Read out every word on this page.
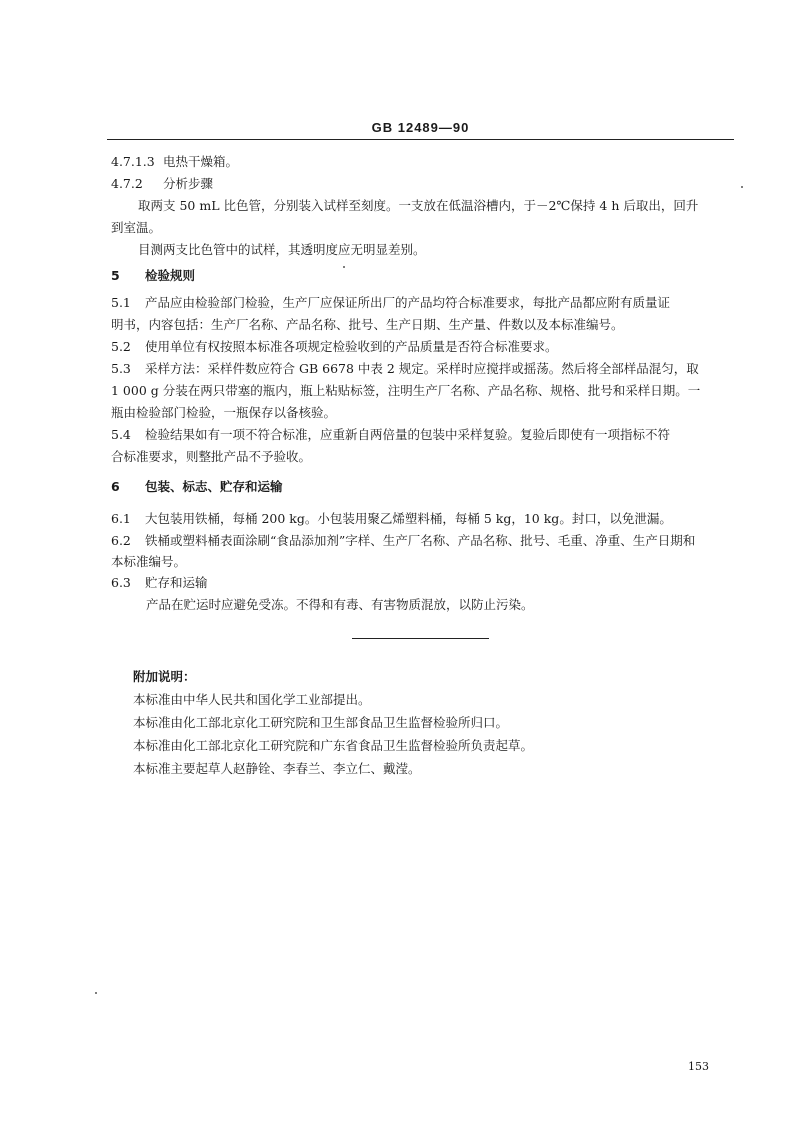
GB 12489—90
4.7.1.3 电热干燥箱。
4.7.2 分析步骤
取两支 50 mL 比色管，分别装入试样至刻度。一支放在低温浴槽内，于－2℃保持 4 h 后取出，回升
到室温。
目测两支比色管中的试样，其透明度应无明显差别。
5 检验规则
5.1 产品应由检验部门检验，生产厂应保证所出厂的产品均符合标准要求，每批产品都应附有质量证
明书，内容包括：生产厂名称、产品名称、批号、生产日期、生产量、件数以及本标准编号。
5.2 使用单位有权按照本标准各项规定检验收到的产品质量是否符合标准要求。
5.3 采样方法：采样件数应符合 GB 6678 中表 2 规定。采样时应搅拌或摇荡。然后将全部样品混匀，取
1 000 g 分装在两只带塞的瓶内，瓶上粘贴标签，注明生产厂名称、产品名称、规格、批号和采样日期。一
瓶由检验部门检验，一瓶保存以备核验。
5.4 检验结果如有一项不符合标准，应重新自两倍量的包装中采样复验。复验后即使有一项指标不符
合标准要求，则整批产品不予验收。
6 包装、标志、贮存和运输
6.1 大包装用铁桶，每桶 200 kg。小包装用聚乙烯塑料桶，每桶 5 kg，10 kg。封口，以免泄漏。
6.2 铁桶或塑料桶表面涂刷“食品添加剂”字样、生产厂名称、产品名称、批号、毛重、净重、生产日期和
本标准编号。
6.3 贮存和运输
产品在贮运时应避免受冻。不得和有毒、有害物质混放，以防止污染。
附加说明：
本标准由中华人民共和国化学工业部提出。
本标准由化工部北京化工研究院和卫生部食品卫生监督检验所归口。
本标准由化工部北京化工研究院和广东省食品卫生监督检验所负责起草。
本标准主要起草人赵静铨、李春兰、李立仁、戴滢。
153
